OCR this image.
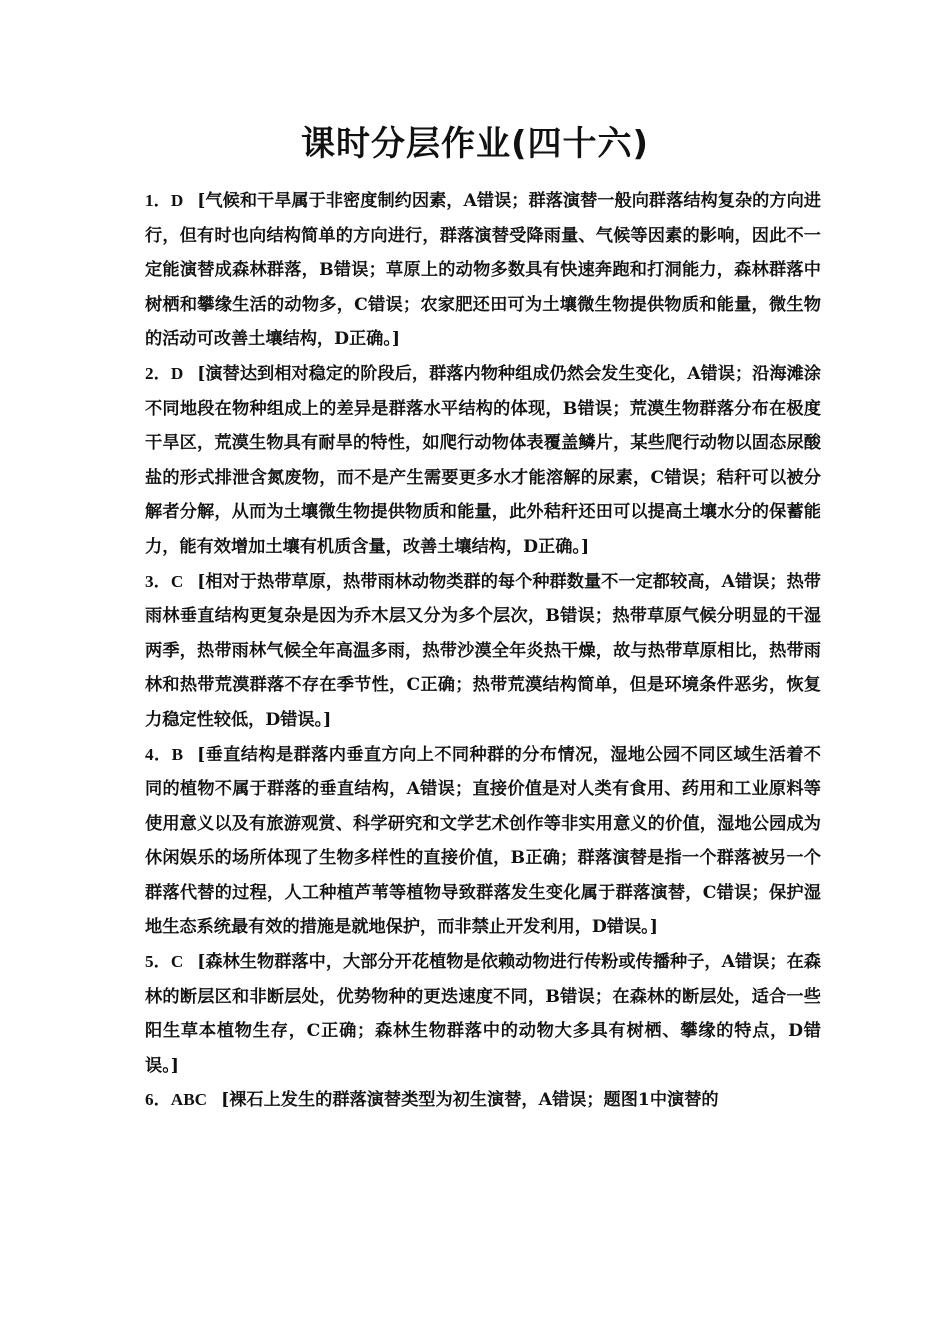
课时分层作业(四十六)

1．D [气候和干旱属于非密度制约因素，A错误；群落演替一般向群落结构复杂的方向进行，但有时也向结构简单的方向进行，群落演替受降雨量、气候等因素的影响，因此不一定能演替成森林群落，B错误；草原上的动物多数具有快速奔跑和打洞能力，森林群落中树栖和攀缘生活的动物多，C错误；农家肥还田可为土壤微生物提供物质和能量，微生物的活动可改善土壤结构，D正确。]

2．D [演替达到相对稳定的阶段后，群落内物种组成仍然会发生变化，A错误；沿海滩涂不同地段在物种组成上的差异是群落水平结构的体现，B错误；荒漠生物群落分布在极度干旱区，荒漠生物具有耐旱的特性，如爬行动物体表覆盖鳞片，某些爬行动物以固态尿酸盐的形式排泄含氮废物，而不是产生需要更多水才能溶解的尿素，C错误；秸秆可以被分解者分解，从而为土壤微生物提供物质和能量，此外秸秆还田可以提高土壤水分的保蓄能力，能有效增加土壤有机质含量，改善土壤结构，D正确。]

3．C [相对于热带草原，热带雨林动物类群的每个种群数量不一定都较高，A错误；热带雨林垂直结构更复杂是因为乔木层又分为多个层次，B错误；热带草原气候分明显的干湿两季，热带雨林气候全年高温多雨，热带沙漠全年炎热干燥，故与热带草原相比，热带雨林和热带荒漠群落不存在季节性，C正确；热带荒漠结构简单，但是环境条件恶劣，恢复力稳定性较低，D错误。]

4．B [垂直结构是群落内垂直方向上不同种群的分布情况，湿地公园不同区域生活着不同的植物不属于群落的垂直结构，A错误；直接价值是对人类有食用、药用和工业原料等使用意义以及有旅游观赏、科学研究和文学艺术创作等非实用意义的价值，湿地公园成为休闲娱乐的场所体现了生物多样性的直接价值，B正确；群落演替是指一个群落被另一个群落代替的过程，人工种植芦苇等植物导致群落发生变化属于群落演替，C错误；保护湿地生态系统最有效的措施是就地保护，而非禁止开发利用，D错误。]

5．C [森林生物群落中，大部分开花植物是依赖动物进行传粉或传播种子，A错误；在森林的断层区和非断层处，优势物种的更迭速度不同，B错误；在森林的断层处，适合一些阳生草本植物生存，C正确；森林生物群落中的动物大多具有树栖、攀缘的特点，D错误。]

6．ABC [裸石上发生的群落演替类型为初生演替，A错误；题图1中演替的
